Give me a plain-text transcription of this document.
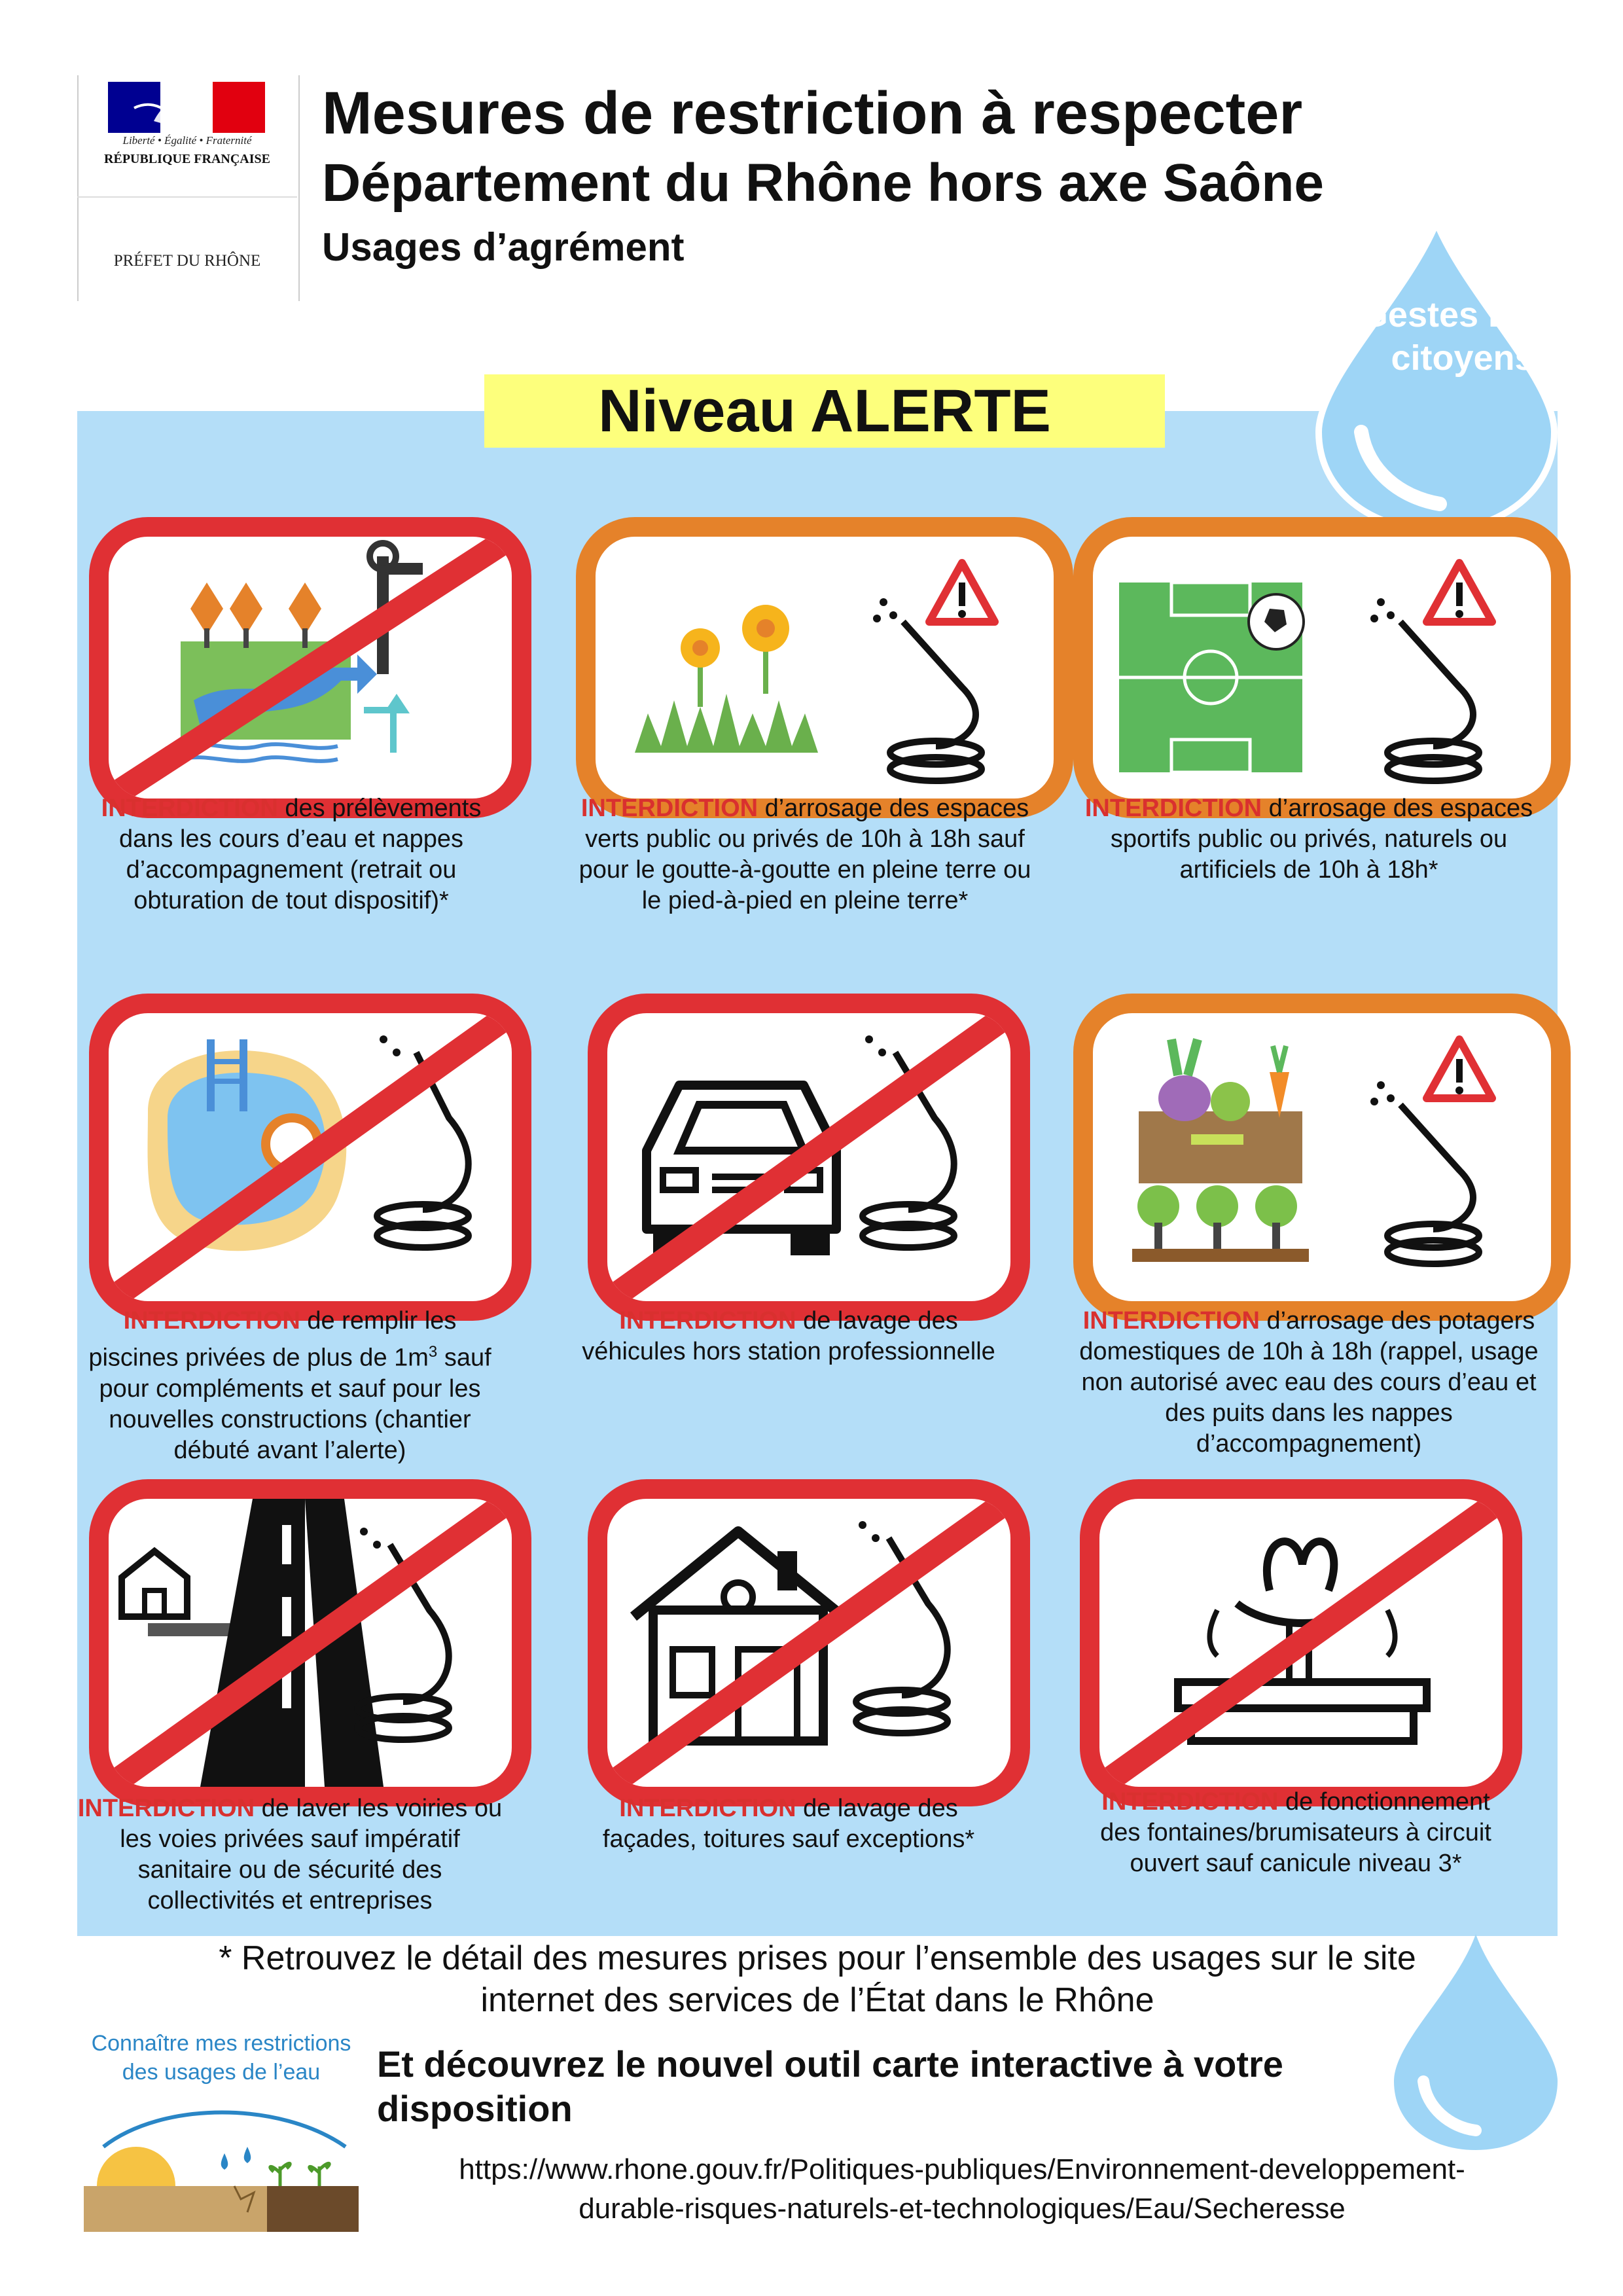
Liberté • Égalité • Fraternité
RÉPUBLIQUE FRANÇAISE
PRÉFET DU RHÔNE
Mesures de restriction à respecter
Département du Rhône hors axe Saône
Usages d’agrément
Gestes Éco-citoyens
Niveau ALERTE
INTERDICTION des prélèvements dans les cours d’eau et nappes d’accompagnement (retrait ou obturation de tout dispositif)*
INTERDICTION d’arrosage des espaces verts public ou privés de 10h à 18h sauf pour le goutte-à-goutte en pleine terre ou le pied-à-pied en pleine terre*
INTERDICTION d’arrosage des espaces sportifs public ou privés, naturels ou artificiels de 10h à 18h*
INTERDICTION de remplir les piscines privées de plus de $1m^3$ sauf pour compléments et sauf pour les nouvelles constructions (chantier débuté avant l’alerte)
INTERDICTION de lavage des véhicules hors station professionnelle
INTERDICTION d’arrosage des potagers domestiques de 10h à 18h (rappel, usage non autorisé avec eau des cours d’eau et des puits dans les nappes d’accompagnement)
INTERDICTION de laver les voiries ou les voies privées sauf impératif sanitaire ou de sécurité des collectivités et entreprises
INTERDICTION de lavage des façades, toitures sauf exceptions*
INTERDICTION de fonctionnement des fontaines/brumisateurs à circuit ouvert sauf canicule niveau 3*
* Retrouvez le détail des mesures prises pour l’ensemble des usages sur le site
internet des services de l’État dans le Rhône
Connaître mes restrictions
des usages de l’eau	Et découvrez le nouvel outil carte interactive à votre disposition
https://www.rhone.gouv.fr/Politiques-publiques/Environnement-developpement-
durable-risques-naturels-et-technologiques/Eau/Secheresse
